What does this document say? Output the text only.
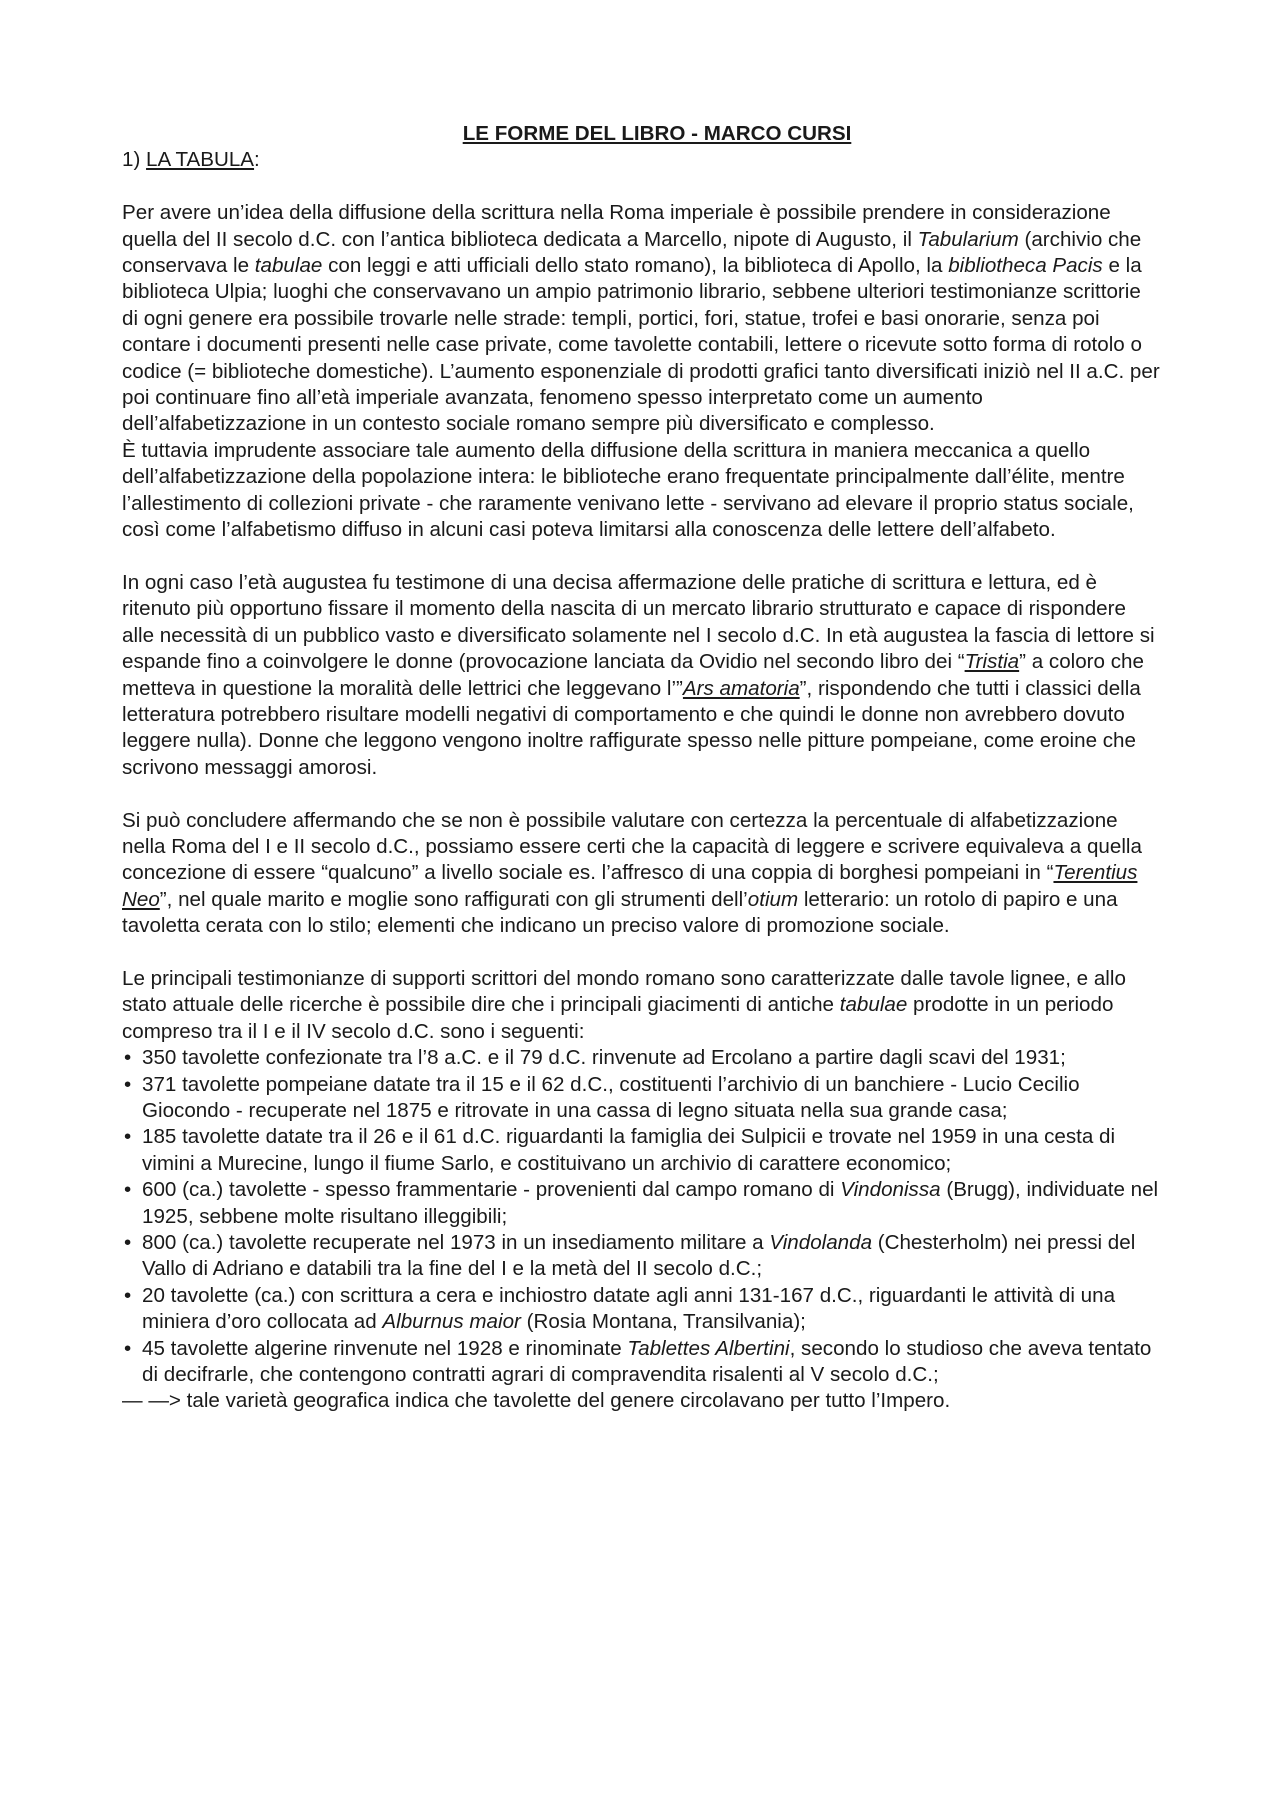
LE FORME DEL LIBRO - MARCO CURSI
1) LA TABULA:

Per avere un’idea della diffusione della scrittura nella Roma imperiale è possibile prendere in considerazione quella del II secolo d.C. con l’antica biblioteca dedicata a Marcello, nipote di Augusto, il Tabularium (archivio che conservava le tabulae con leggi e atti ufficiali dello stato romano), la biblioteca di Apollo, la bibliotheca Pacis e la biblioteca Ulpia; luoghi che conservavano un ampio patrimonio librario, sebbene ulteriori testimonianze scrittorie di ogni genere era possibile trovarle nelle strade: templi, portici, fori, statue, trofei e basi onorarie, senza poi contare i documenti presenti nelle case private, come tavolette contabili, lettere o ricevute sotto forma di rotolo o codice (= biblioteche domestiche). L’aumento esponenziale di prodotti grafici tanto diversificati iniziò nel II a.C. per poi continuare fino all’età imperiale avanzata, fenomeno spesso interpretato come un aumento dell’alfabetizzazione in un contesto sociale romano sempre più diversificato e complesso.

È tuttavia imprudente associare tale aumento della diffusione della scrittura in maniera meccanica a quello dell’alfabetizzazione della popolazione intera: le biblioteche erano frequentate principalmente dall’élite, mentre l’allestimento di collezioni private - che raramente venivano lette - servivano ad elevare il proprio status sociale, così come l’alfabetismo diffuso in alcuni casi poteva limitarsi alla conoscenza delle lettere dell’alfabeto.

In ogni caso l’età augustea fu testimone di una decisa affermazione delle pratiche di scrittura e lettura, ed è ritenuto più opportuno fissare il momento della nascita di un mercato librario strutturato e capace di rispondere alle necessità di un pubblico vasto e diversificato solamente nel I secolo d.C. In età augustea la fascia di lettore si espande fino a coinvolgere le donne (provocazione lanciata da Ovidio nel secondo libro dei “Tristia” a coloro che metteva in questione la moralità delle lettrici che leggevano l’”Ars amatoria”, rispondendo che tutti i classici della letteratura potrebbero risultare modelli negativi di comportamento e che quindi le donne non avrebbero dovuto leggere nulla). Donne che leggono vengono inoltre raffigurate spesso nelle pitture pompeiane, come eroine che scrivono messaggi amorosi.

Si può concludere affermando che se non è possibile valutare con certezza la percentuale di alfabetizzazione nella Roma del I e II secolo d.C., possiamo essere certi che la capacità di leggere e scrivere equivaleva a quella concezione di essere “qualcuno” a livello sociale es. l’affresco di una coppia di borghesi pompeiani in “Terentius Neo”, nel quale marito e moglie sono raffigurati con gli strumenti dell’otium letterario: un rotolo di papiro e una tavoletta cerata con lo stilo; elementi che indicano un preciso valore di promozione sociale.

Le principali testimonianze di supporti scrittori del mondo romano sono caratterizzate dalle tavole lignee, e allo stato attuale delle ricerche è possibile dire che i principali giacimenti di antiche tabulae prodotte in un periodo compreso tra il I e il IV secolo d.C. sono i seguenti:

• 350 tavolette confezionate tra l’8 a.C. e il 79 d.C. rinvenute ad Ercolano a partire dagli scavi del 1931;
• 371 tavolette pompeiane datate tra il 15 e il 62 d.C., costituenti l’archivio di un banchiere - Lucio Cecilio Giocondo - recuperate nel 1875 e ritrovate in una cassa di legno situata nella sua grande casa;
• 185 tavolette datate tra il 26 e il 61 d.C. riguardanti la famiglia dei Sulpicii e trovate nel 1959 in una cesta di vimini a Murecine, lungo il fiume Sarlo, e costituivano un archivio di carattere economico;
• 600 (ca.) tavolette - spesso frammentarie - provenienti dal campo romano di Vindonissa (Brugg), individuate nel 1925, sebbene molte risultano illeggibili;
• 800 (ca.) tavolette recuperate nel 1973 in un insediamento militare a Vindolanda (Chesterholm) nei pressi del Vallo di Adriano e databili tra la fine del I e la metà del II secolo d.C.;
• 20 tavolette (ca.) con scrittura a cera e inchiostro datate agli anni 131-167 d.C., riguardanti le attività di una miniera d’oro collocata ad Alburnus maior (Rosia Montana, Transilvania);
• 45 tavolette algerine rinvenute nel 1928 e rinominate Tablettes Albertini, secondo lo studioso che aveva tentato di decifrarle, che contengono contratti agrari di compravendita risalenti al V secolo d.C.;

— —> tale varietà geografica indica che tavolette del genere circolavano per tutto l’Impero.
